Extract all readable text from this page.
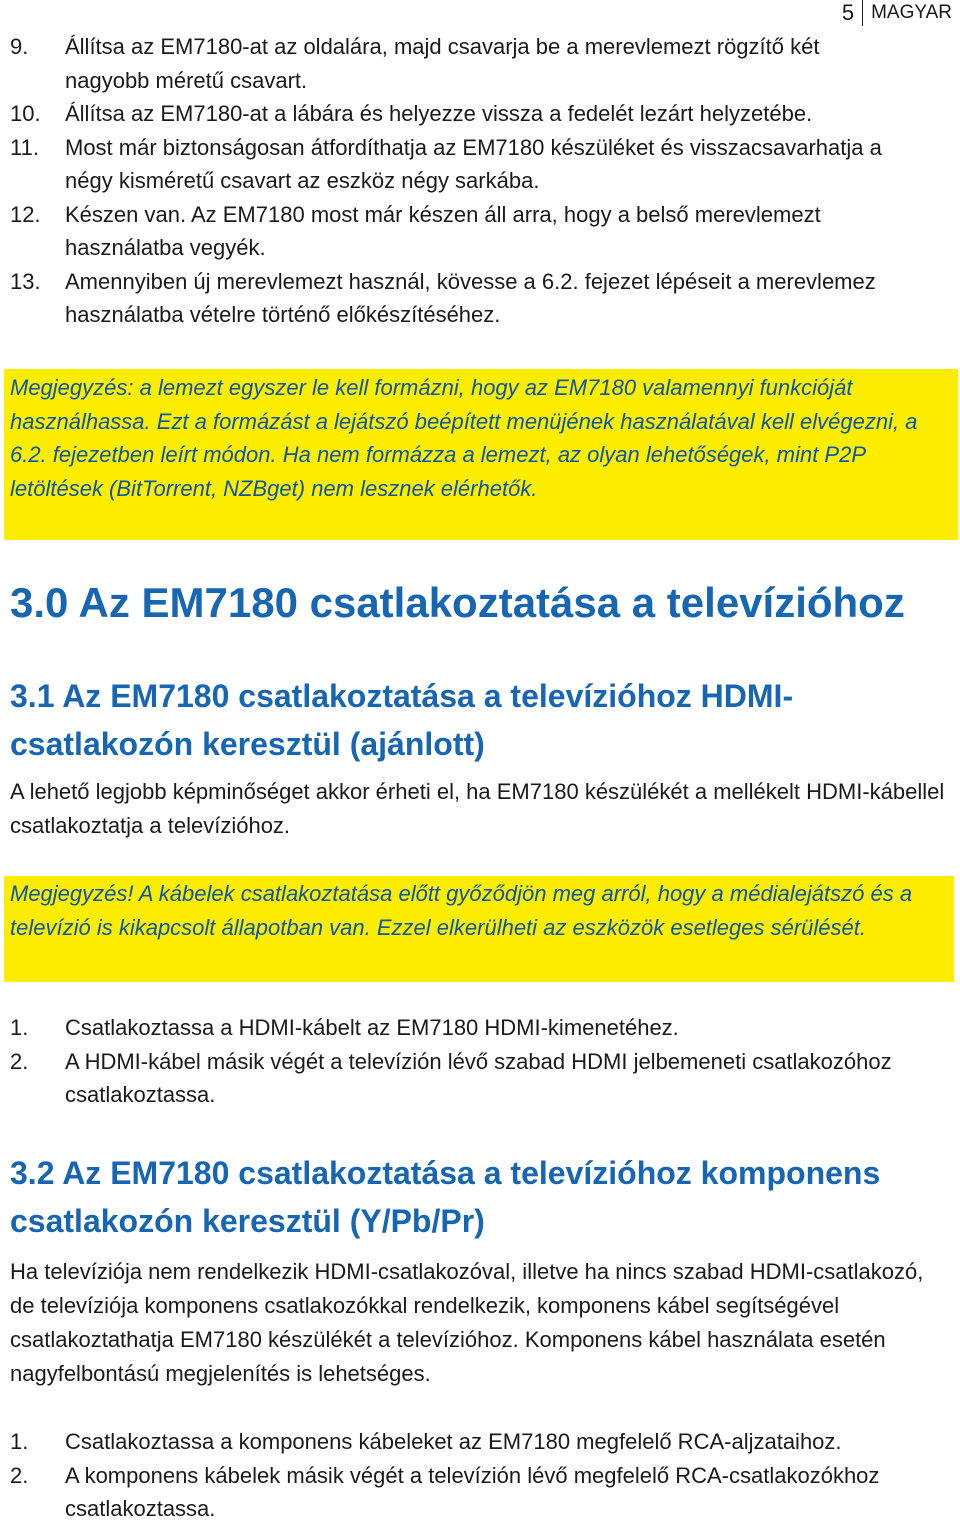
5 MAGYAR
9. Állítsa az EM7180-at az oldalára, majd csavarja be a merevlemezt rögzítő két nagyobb méretű csavart.
10. Állítsa az EM7180-at a lábára és helyezze vissza a fedelét lezárt helyzetébe.
11. Most már biztonságosan átfordíthatja az EM7180 készüléket és visszacsavarhatja a négy kisméretű csavart az eszköz négy sarkába.
12. Készen van. Az EM7180 most már készen áll arra, hogy a belső merevlemezt használatba vegyék.
13. Amennyiben új merevlemezt használ, kövesse a 6.2. fejezet lépéseit a merevlemez használatba vételre történő előkészítéséhez.
Megjegyzés: a lemezt egyszer le kell formázni, hogy az EM7180 valamennyi funkcióját használhassa. Ezt a formázást a lejátszó beépített menüjének használatával kell elvégezni, a 6.2. fejezetben leírt módon. Ha nem formázza a lemezt, az olyan lehetőségek, mint P2P letöltések (BitTorrent, NZBget) nem lesznek elérhetők.
3.0 Az EM7180 csatlakoztatása a televízióhoz
3.1 Az EM7180 csatlakoztatása a televízióhoz HDMI-csatlakozón keresztül (ajánlott)

A lehető legjobb képminőséget akkor érheti el, ha EM7180 készülékét a mellékelt HDMI-kábellel csatlakoztatja a televízióhoz.

Megjegyzés! A kábelek csatlakoztatása előtt győződjön meg arról, hogy a médialejátszó és a televízió is kikapcsolt állapotban van. Ezzel elkerülheti az eszközök esetleges sérülését.
1. Csatlakoztassa a HDMI-kábelt az EM7180 HDMI-kimenetéhez.
2. A HDMI-kábel másik végét a televízión lévő szabad HDMI jelbemeneti csatlakozóhoz csatlakoztassa.
3.2 Az EM7180 csatlakoztatása a televízióhoz komponens csatlakozón keresztül (Y/Pb/Pr)

Ha televíziója nem rendelkezik HDMI-csatlakozóval, illetve ha nincs szabad HDMI-csatlakozó, de televíziója komponens csatlakozókkal rendelkezik, komponens kábel segítségével csatlakoztathatja EM7180 készülékét a televízióhoz. Komponens kábel használata esetén nagyfelbontású megjelenítés is lehetséges.

1. Csatlakoztassa a komponens kábeleket az EM7180 megfelelő RCA-aljzataihoz.
2. A komponens kábelek másik végét a televízión lévő megfelelő RCA-csatlakozókhoz csatlakoztassa.
